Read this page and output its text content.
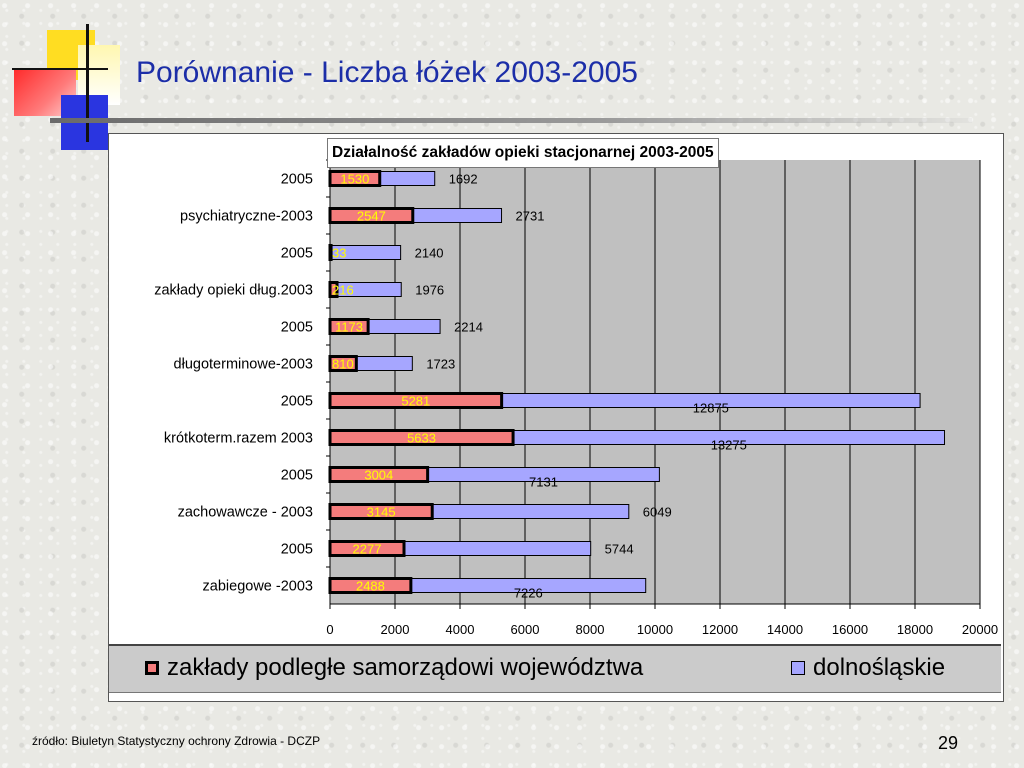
Porównanie - Liczba łóżek 2003-2005
0	2000	4000	6000	8000 10000 12000 14000 16000 18000 20000
2005 1530	1692
psychiatryczne-2003	2547	2731
2005 33	2140
zakłady opieki dług.2003 216	1976
2005 1173	2214
długoterminowe-2003 810	1723
2005	5281	12875
krótkoterm.razem 2003	5633	13275
2005	3004	7131
zachowawcze - 2003	3145	6049
2005	2277	5744
zabiegowe -2003	2488	7226
Działalność zakładów opieki stacjonarnej 2003-2005
zakłady podległe samorządowi województwa	dolnośląskie
źródło: Biuletyn Statystyczny ochrony Zdrowia - DCZP	29
